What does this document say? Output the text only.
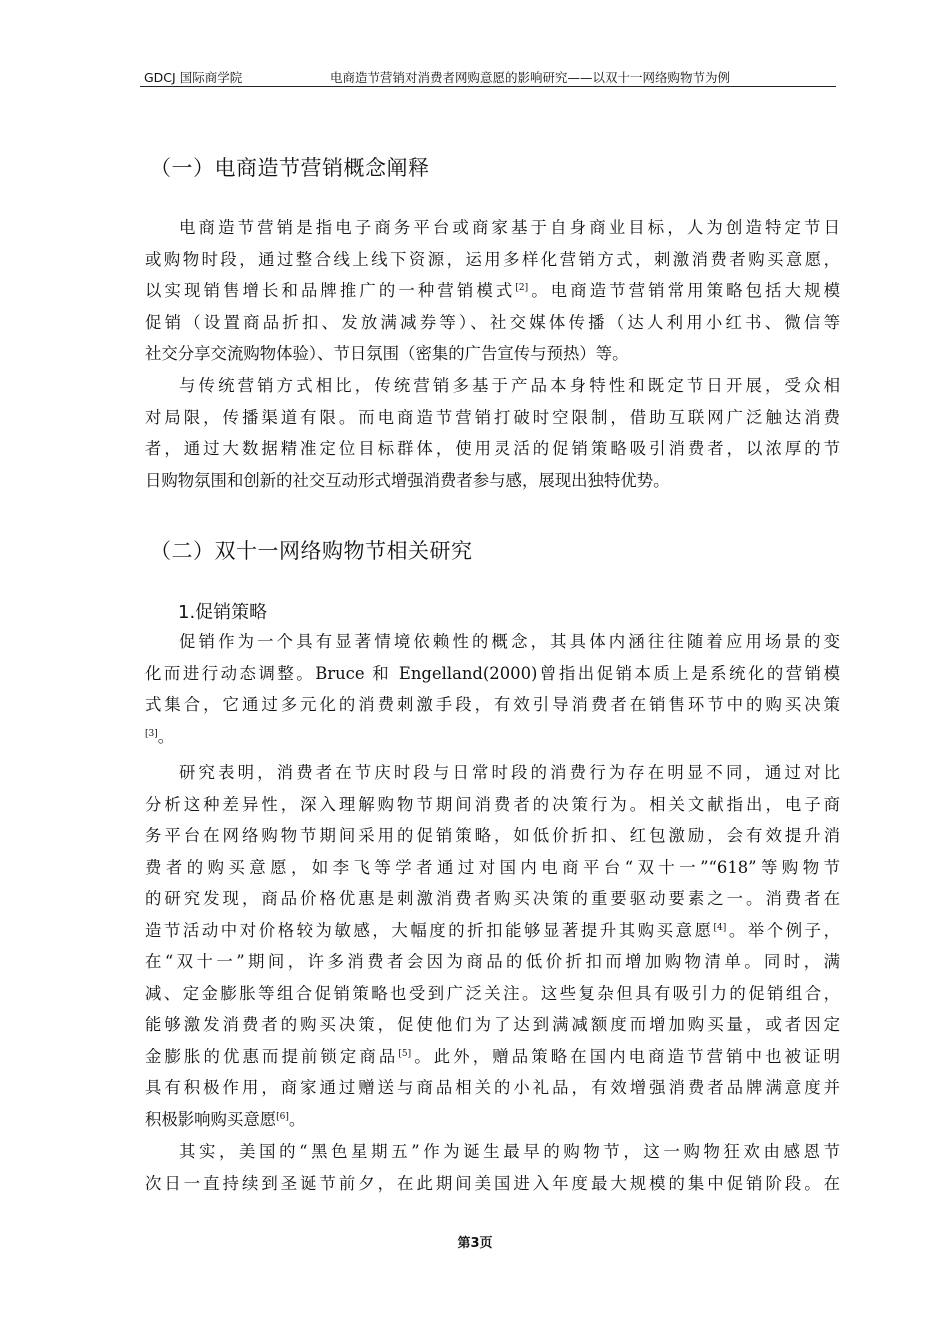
GDCJ 国际商学院	电商造节营销对消费者网购意愿的影响研究——以双十一网络购物节为例
（一）电商造节营销概念阐释

电商造节营销是指电子商务平台或商家基于自身商业目标，人为创造特定节日
或购物时段，通过整合线上线下资源，运用多样化营销方式，刺激消费者购买意愿，
以实现销售增长和品牌推广的一种营销模式[2]。电商造节营销常用策略包括大规模
促销（设置商品折扣、发放满减券等）、社交媒体传播（达人利用小红书、微信等
社交分享交流购物体验）、节日氛围（密集的广告宣传与预热）等。

与传统营销方式相比，传统营销多基于产品本身特性和既定节日开展，受众相
对局限，传播渠道有限。而电商造节营销打破时空限制，借助互联网广泛触达消费
者，通过大数据精准定位目标群体，使用灵活的促销策略吸引消费者，以浓厚的节
日购物氛围和创新的社交互动形式增强消费者参与感，展现出独特优势。

（二）双十一网络购物节相关研究
1.促销策略

促销作为一个具有显著情境依赖性的概念，其具体内涵往往随着应用场景的变
化而进行动态调整。Bruce 和 Engelland(2000)曾指出促销本质上是系统化的营销模
式集合，它通过多元化的消费刺激手段，有效引导消费者在销售环节中的购买决策
[3]。

研究表明，消费者在节庆时段与日常时段的消费行为存在明显不同，通过对比
分析这种差异性，深入理解购物节期间消费者的决策行为。相关文献指出，电子商
务平台在网络购物节期间采用的促销策略，如低价折扣、红包激励，会有效提升消
费者的购买意愿，如李飞等学者通过对国内电商平台“双十一”“618”等购物节
的研究发现，商品价格优惠是刺激消费者购买决策的重要驱动要素之一。消费者在
造节活动中对价格较为敏感，大幅度的折扣能够显著提升其购买意愿[4]。举个例子，
在“双十一”期间，许多消费者会因为商品的低价折扣而增加购物清单。同时，满
减、定金膨胀等组合促销策略也受到广泛关注。这些复杂但具有吸引力的促销组合，
能够激发消费者的购买决策，促使他们为了达到满减额度而增加购买量，或者因定
金膨胀的优惠而提前锁定商品[5]。此外，赠品策略在国内电商造节营销中也被证明
具有积极作用，商家通过赠送与商品相关的小礼品，有效增强消费者品牌满意度并
积极影响购买意愿[6]。

其实，美国的“黑色星期五”作为诞生最早的购物节，这一购物狂欢由感恩节
次日一直持续到圣诞节前夕，在此期间美国进入年度最大规模的集中促销阶段。在

第3页
